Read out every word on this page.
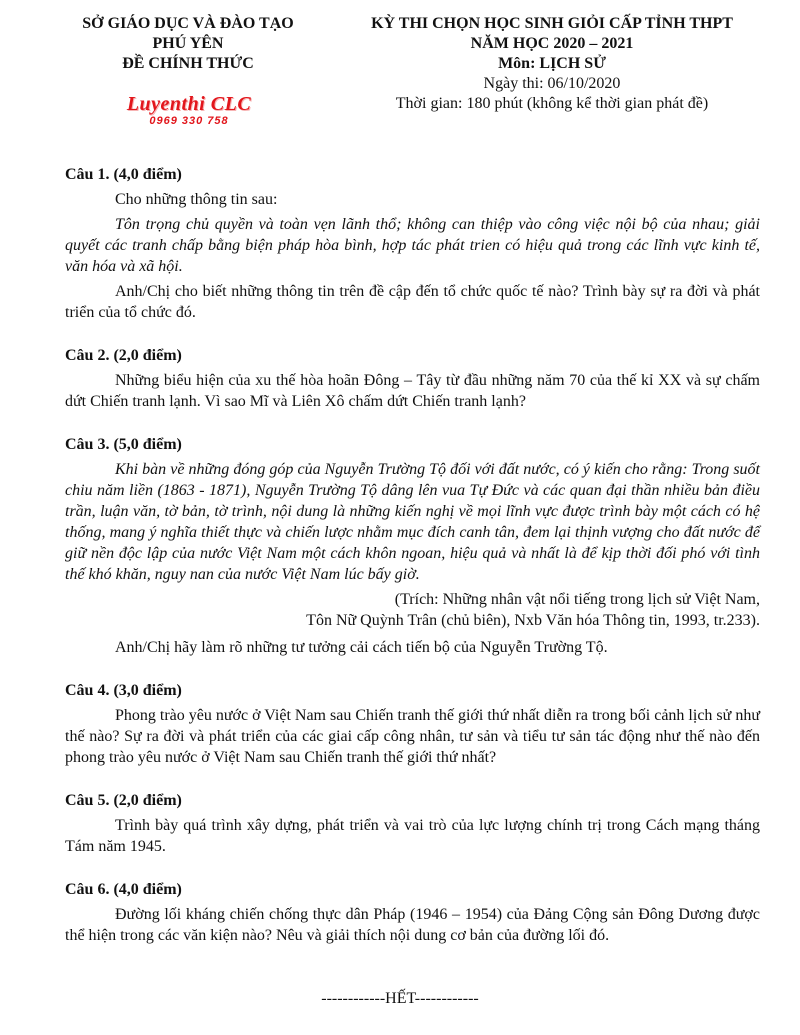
SỞ GIÁO DỤC VÀ ĐÀO TẠO
PHÚ YÊN
ĐỀ CHÍNH THỨC
KỲ THI CHỌN HỌC SINH GIỎI CẤP TỈNH THPT
NĂM HỌC 2020 – 2021
Môn: LỊCH SỬ
Ngày thi: 06/10/2020
Thời gian: 180 phút (không kể thời gian phát đề)
Luyenthi CLC
0969 330 758
Câu 1. (4,0 điểm)

Cho những thông tin sau:

Tôn trọng chủ quyền và toàn vẹn lãnh thổ; không can thiệp vào công việc nội bộ của nhau; giải quyết các tranh chấp bằng biện pháp hòa bình, hợp tác phát trien có hiệu quả trong các lĩnh vực kinh tế, văn hóa và xã hội.

Anh/Chị cho biết những thông tin trên đề cập đến tổ chức quốc tế nào? Trình bày sự ra đời và phát triển của tổ chức đó.

Câu 2. (2,0 điểm)

Những biểu hiện của xu thế hòa hoãn Đông – Tây từ đầu những năm 70 của thế kỉ XX và sự chấm dứt Chiến tranh lạnh. Vì sao Mĩ và Liên Xô chấm dứt Chiến tranh lạnh?

Câu 3. (5,0 điểm)

Khi bàn về những đóng góp của Nguyễn Trường Tộ đối với đất nước, có ý kiến cho rằng: Trong suốt chiu năm liền (1863 - 1871), Nguyễn Trường Tộ dâng lên vua Tự Đức và các quan đại thần nhiều bản điều trần, luận văn, tờ bản, tờ trình, nội dung là những kiến nghị về mọi lĩnh vực được trình bày một cách có hệ thống, mang ý nghĩa thiết thực và chiến lược nhằm mục đích canh tân, đem lại thịnh vượng cho đất nước để giữ nền độc lập của nước Việt Nam một cách khôn ngoan, hiệu quả và nhất là để kịp thời đối phó với tình thế khó khăn, nguy nan của nước Việt Nam lúc bấy giờ.

(Trích: Những nhân vật nổi tiếng trong lịch sử Việt Nam,
Tôn Nữ Quỳnh Trân (chủ biên), Nxb Văn hóa Thông tin, 1993, tr.233).

Anh/Chị hãy làm rõ những tư tưởng cải cách tiến bộ của Nguyễn Trường Tộ.

Câu 4. (3,0 điểm)

Phong trào yêu nước ở Việt Nam sau Chiến tranh thế giới thứ nhất diễn ra trong bối cảnh lịch sử như thế nào? Sự ra đời và phát triển của các giai cấp công nhân, tư sản và tiểu tư sản tác động như thế nào đến phong trào yêu nước ở Việt Nam sau Chiến tranh thế giới thứ nhất?

Câu 5. (2,0 điểm)

Trình bày quá trình xây dựng, phát triển và vai trò của lực lượng chính trị trong Cách mạng tháng Tám năm 1945.

Câu 6. (4,0 điểm)

Đường lối kháng chiến chống thực dân Pháp (1946 – 1954) của Đảng Cộng sản Đông Dương được thể hiện trong các văn kiện nào? Nêu và giải thích nội dung cơ bản của đường lối đó.

------------HẾT------------
